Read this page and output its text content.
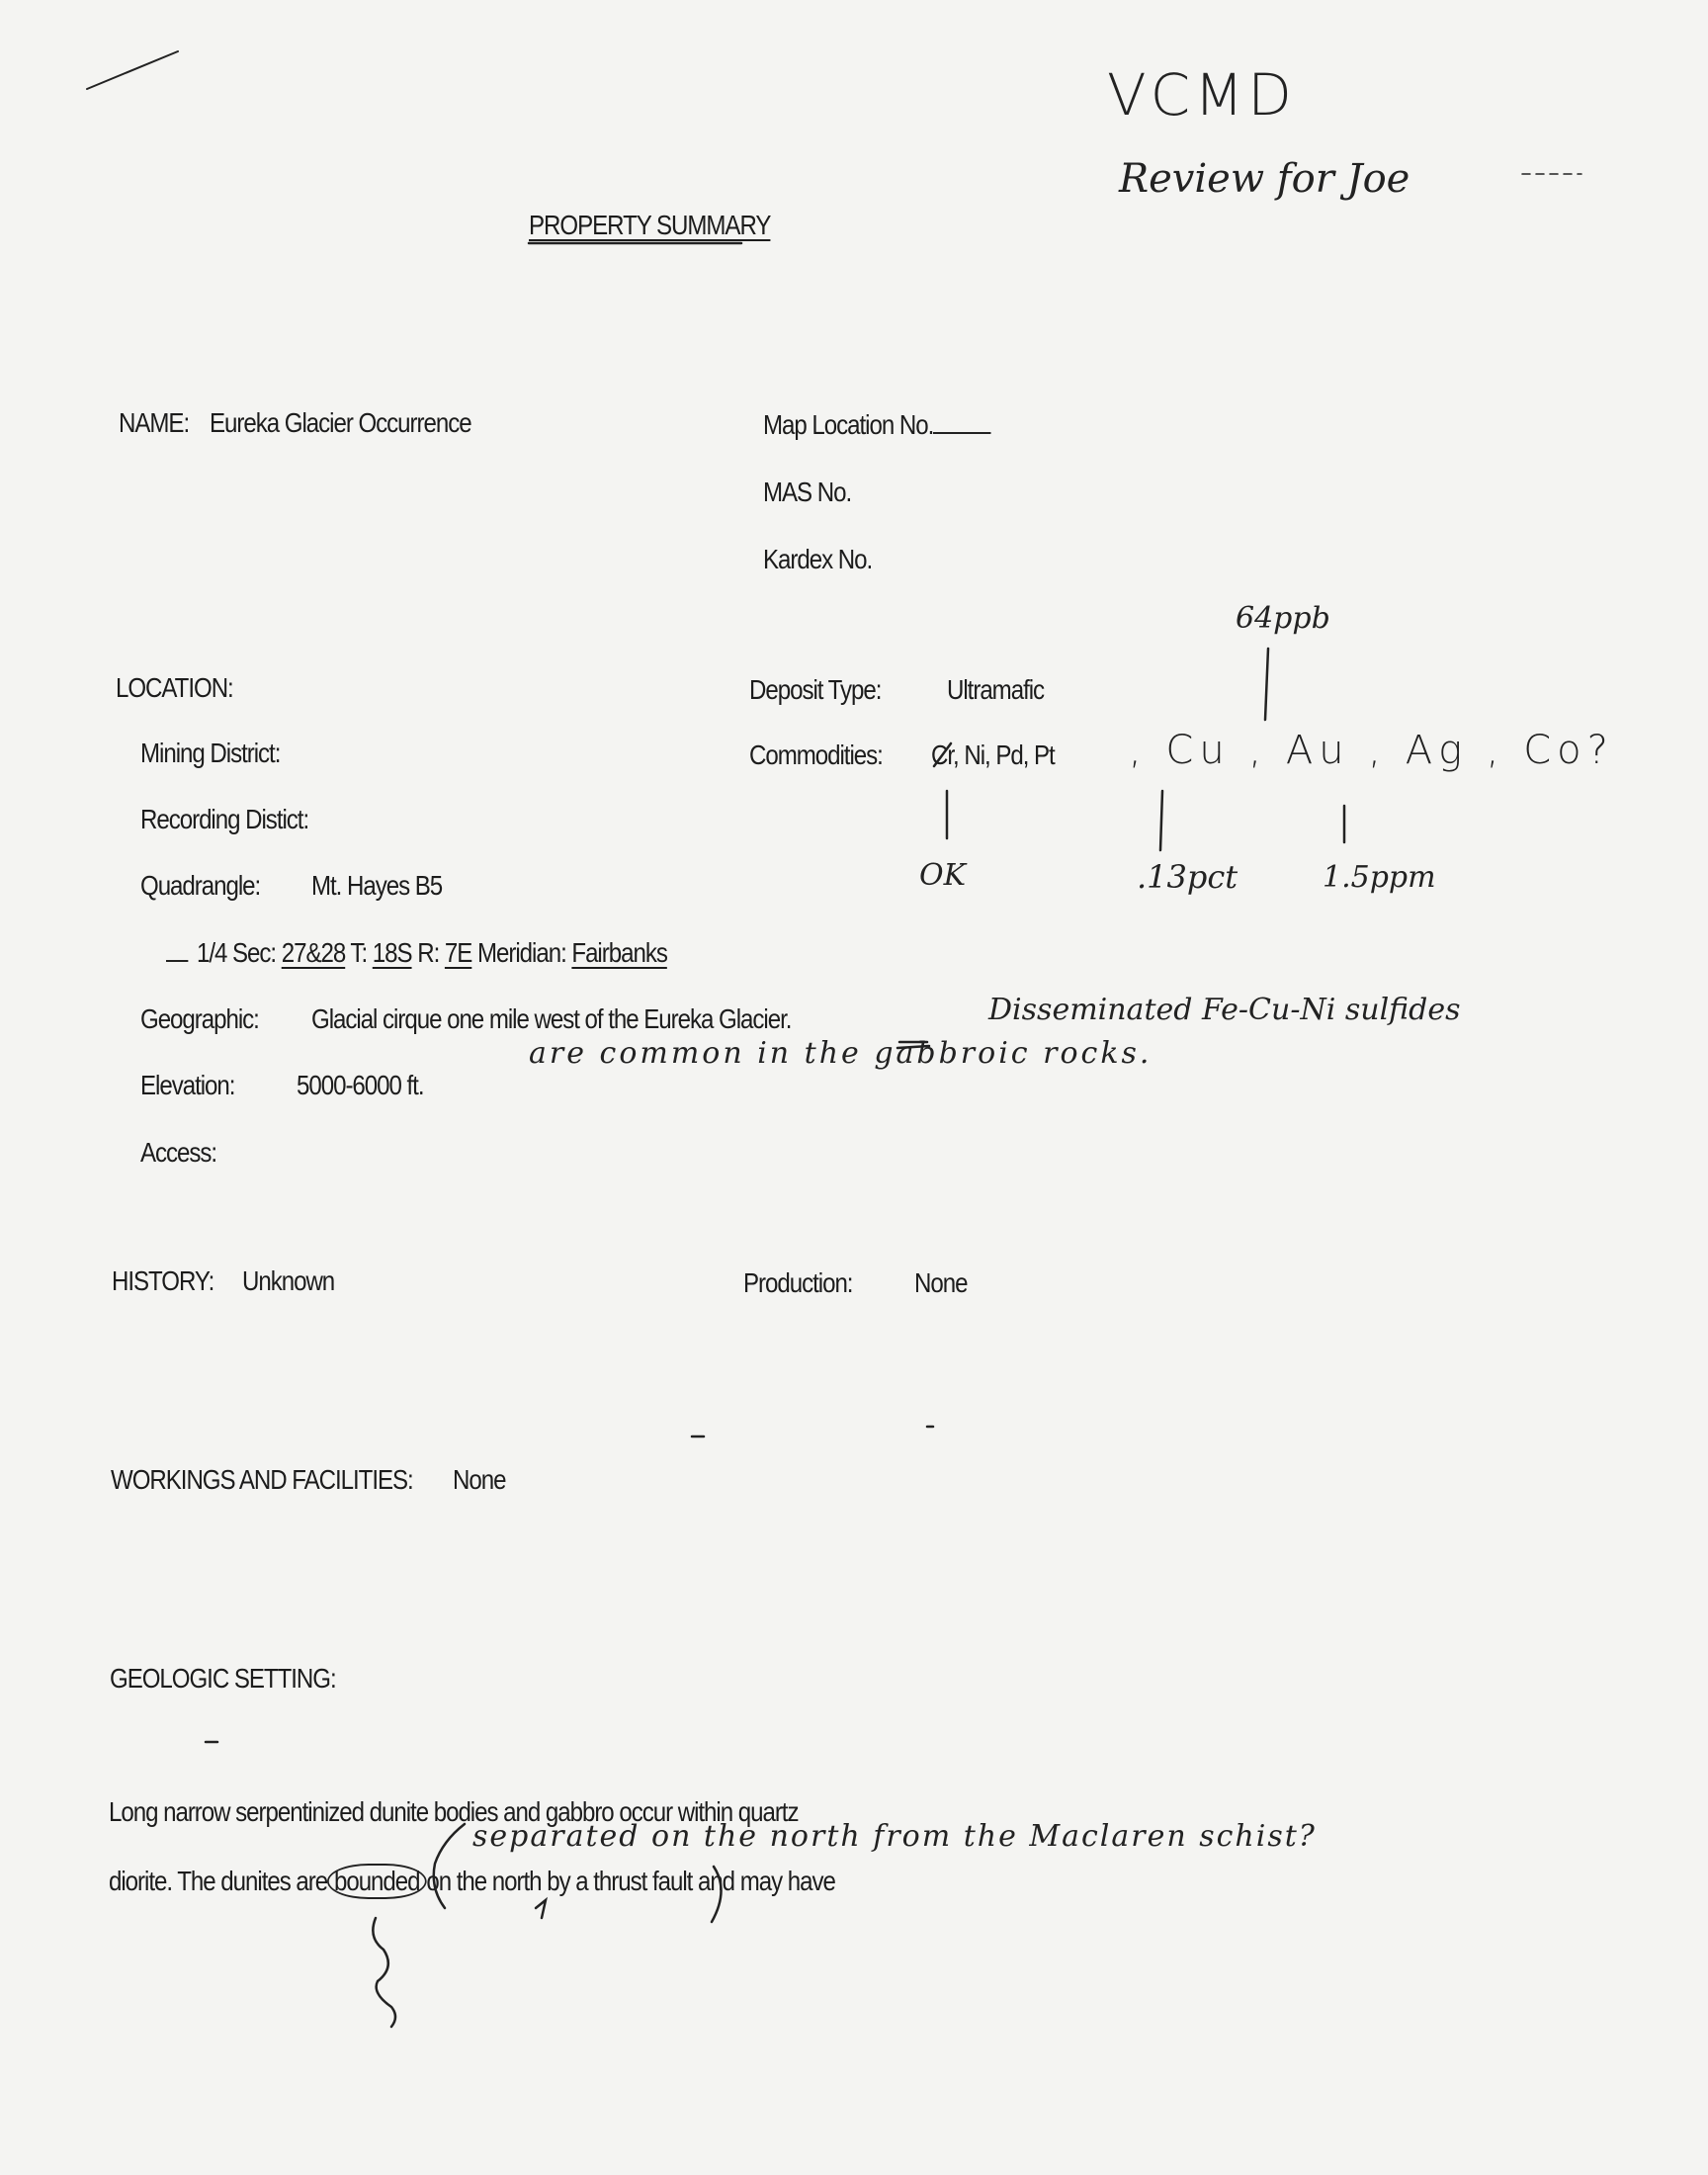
VCMD
Review for Joe
PROPERTY SUMMARY
NAME: Eureka Glacier Occurrence	Map Location No.
MAS No.
Kardex No.
LOCATION:
Mining District:
Recording Distict:
Quadrangle: Mt. Hayes B5
1/4 Sec: 27&28 T: 18S R: 7E Meridian: Fairbanks
Geographic: Glacial cirque one mile west of the Eureka Glacier.	Disseminated Fe-Cu-Ni sulfides
are common in the gabbroic rocks.
Elevation: 5000-6000 ft.
Access:
Deposit Type: Ultramafic
Commodities: Cr, Ni, Pd, Pt , Cu , Au , Ag , Co?
64ppb
OK	.13pct	1.5ppm
HISTORY: Unknown	Production: None
WORKINGS AND FACILITIES: None
GEOLOGIC SETTING:
Long narrow serpentinized dunite bodies and gabbro occur within quartz
separated on the north from the Maclaren schist?
diorite. The dunites are bounded on the north by a thrust fault and may have
